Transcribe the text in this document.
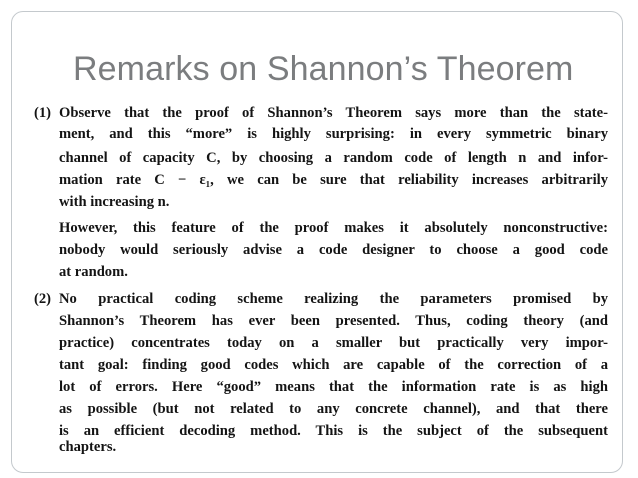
Remarks on Shannon’s Theorem
(1) Observe that the proof of Shannon’s Theorem says more than the state-
ment, and this “more” is highly surprising: in every symmetric binary
channel of capacity C, by choosing a random code of length n and infor-
mation rate C − ε₁, we can be sure that reliability increases arbitrarily
with increasing n.
However, this feature of the proof makes it absolutely nonconstructive:
nobody would seriously advise a code designer to choose a good code
at random.
(2) No practical coding scheme realizing the parameters promised by
Shannon’s Theorem has ever been presented. Thus, coding theory (and
practice) concentrates today on a smaller but practically very impor-
tant goal: finding good codes which are capable of the correction of a
lot of errors. Here “good” means that the information rate is as high
as possible (but not related to any concrete channel), and that there
is an efficient decoding method. This is the subject of the subsequent
chapters.
